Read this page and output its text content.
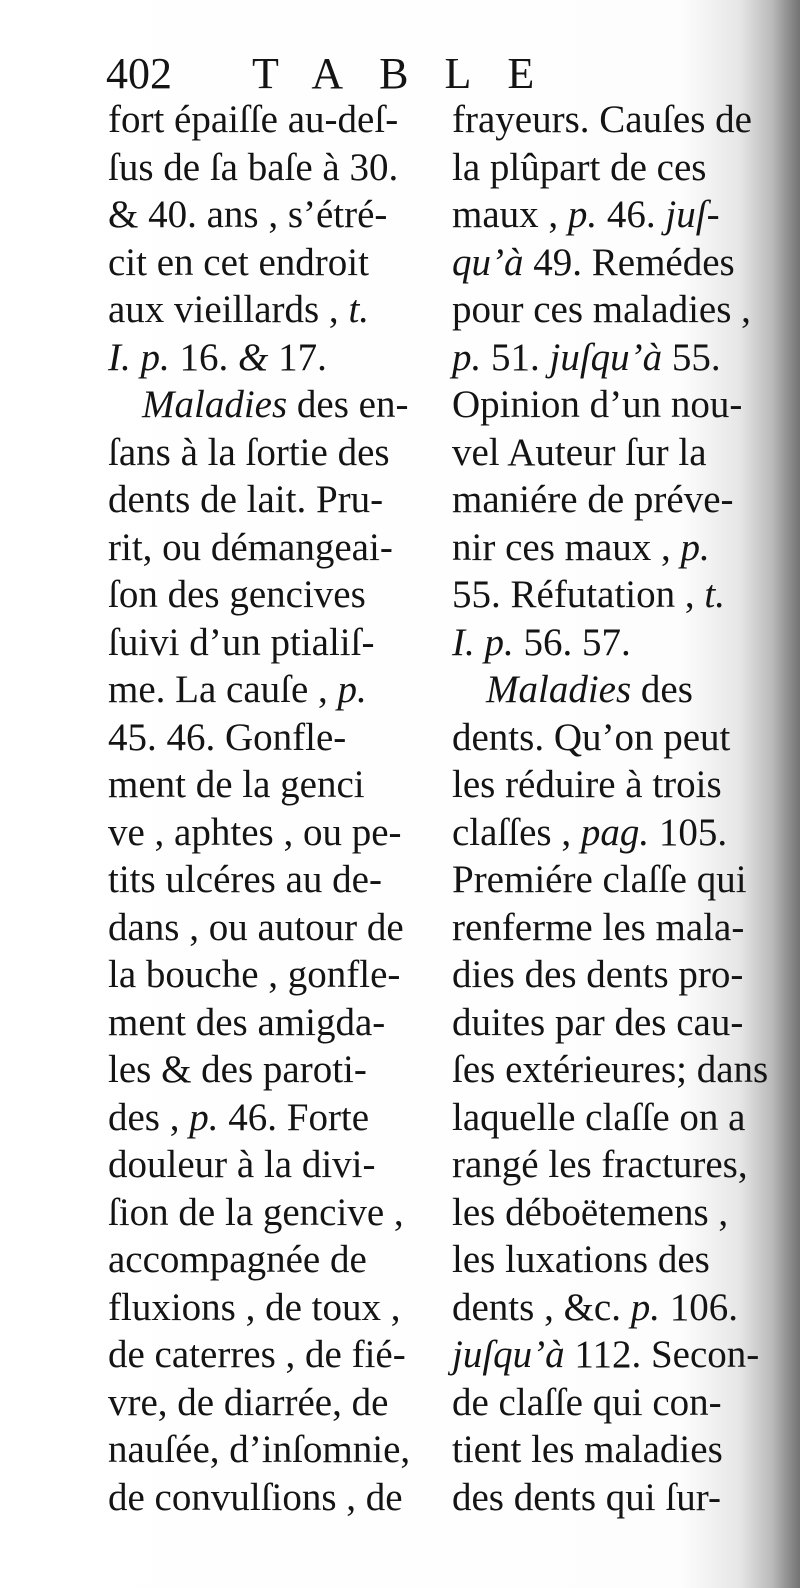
402 TABLE
fort épaiſſe au-deſ-
ſus de ſa baſe à 30.
& 40. ans , s’étré-
cit en cet endroit
aux vieillards , t.
I. p. 16. & 17.
Maladies des en-
ſans à la ſortie des
dents de lait. Pru-
rit, ou démangeai-
ſon des gencives
ſuivi d’un ptialiſ-
me. La cauſe , p.
45. 46. Gonfle-
ment de la genci
ve , aphtes , ou pe-
tits ulcéres au de-
dans , ou autour de
la bouche , gonfle-
ment des amigda-
les & des paroti-
des , p. 46. Forte
douleur à la divi-
ſion de la gencive ,
accompagnée de
fluxions , de toux ,
de caterres , de fié-
vre, de diarrée, de
nauſée, d’inſomnie,
de convulſions , de
frayeurs. Cauſes de
la plûpart de ces
maux , p. 46. juſ-
qu’à 49. Remédes
pour ces maladies ,
p. 51. juſqu’à 55.
Opinion d’un nou-
vel Auteur ſur la
maniére de préve-
nir ces maux , p.
55. Réfutation , t.
I. p. 56. 57.
Maladies des
dents. Qu’on peut
les réduire à trois
claſſes , pag. 105.
Premiére claſſe qui
renferme les mala-
dies des dents pro-
duites par des cau-
ſes extérieures; dans
laquelle claſſe on a
rangé les fractures,
les déboëtemens ,
les luxations des
dents , &c. p. 106.
juſqu’à 112. Secon-
de claſſe qui con-
tient les maladies
des dents qui ſur-
